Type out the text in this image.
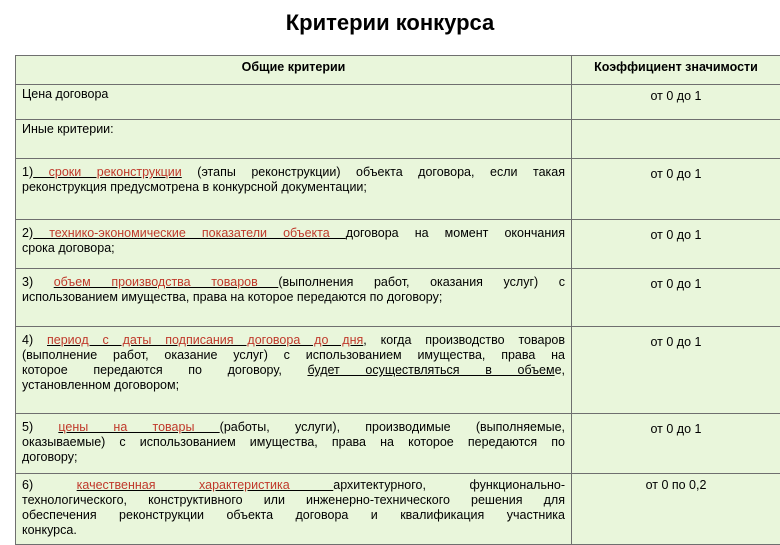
Критерии конкурса
Общие критерии	Коэффициент значимости
Цена договора	от 0 до 1
Иные критерии:	

1) сроки реконструкции (этапы реконструкции) объекта договора, если такая
реконструкция предусмотрена в конкурсной документации;	от 0 до 1

2) технико-экономические показатели объекта договора на момент окончания
срока договора;	от 0 до 1

3) объем производства товаров (выполнения работ, оказания услуг) с
использованием имущества, права на которое передаются по договору;	от 0 до 1

4) период с даты подписания договора до дня, когда производство товаров
(выполнение работ, оказание услуг) с использованием имущества, права на
которое передаются по договору, будет осуществляться в объеме,
установленном договором;	от 0 до 1

5) цены на товары (работы, услуги), производимые (выполняемые,
оказываемые) с использованием имущества, права на которое передаются по
договору;	от 0 до 1

6) качественная характеристика архитектурного, функционально-
технологического, конструктивного или инженерно-технического решения для
обеспечения реконструкции объекта договора и квалификация участника
конкурса.	от 0 по 0,2
